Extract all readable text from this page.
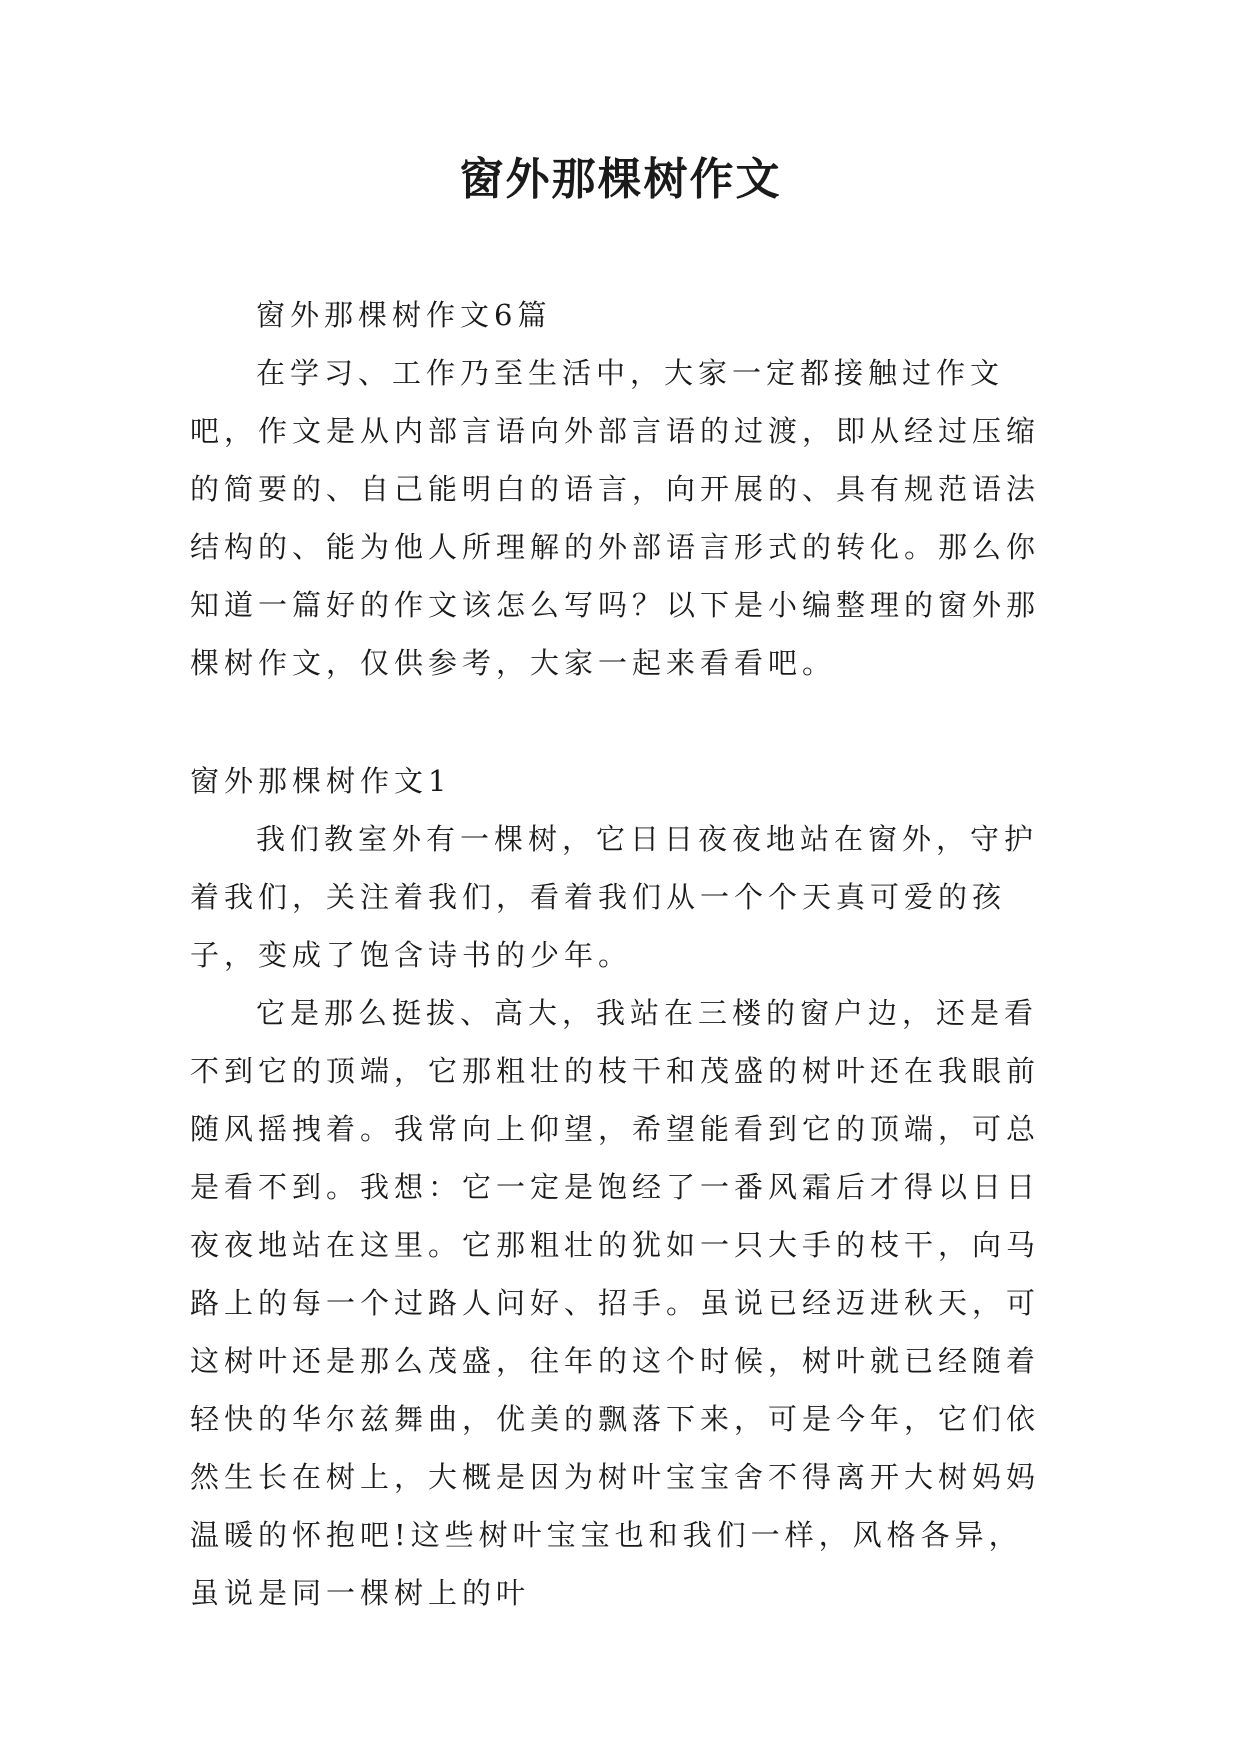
窗外那棵树作文

窗外那棵树作文6篇

在学习、工作乃至生活中，大家一定都接触过作文吧，作文是从内部言语向外部言语的过渡，即从经过压缩的简要的、自己能明白的语言，向开展的、具有规范语法结构的、能为他人所理解的外部语言形式的转化。那么你知道一篇好的作文该怎么写吗？以下是小编整理的窗外那棵树作文，仅供参考，大家一起来看看吧。

窗外那棵树作文1

我们教室外有一棵树，它日日夜夜地站在窗外，守护着我们，关注着我们，看着我们从一个个天真可爱的孩子，变成了饱含诗书的少年。

它是那么挺拔、高大，我站在三楼的窗户边，还是看不到它的顶端，它那粗壮的枝干和茂盛的树叶还在我眼前随风摇拽着。我常向上仰望，希望能看到它的顶端，可总是看不到。我想：它一定是饱经了一番风霜后才得以日日夜夜地站在这里。它那粗壮的犹如一只大手的枝干，向马路上的每一个过路人问好、招手。虽说已经迈进秋天，可这树叶还是那么茂盛，往年的这个时候，树叶就已经随着轻快的华尔兹舞曲，优美的飘落下来，可是今年，它们依然生长在树上，大概是因为树叶宝宝舍不得离开大树妈妈温暖的怀抱吧!这些树叶宝宝也和我们一样，风格各异，虽说是同一棵树上的叶
